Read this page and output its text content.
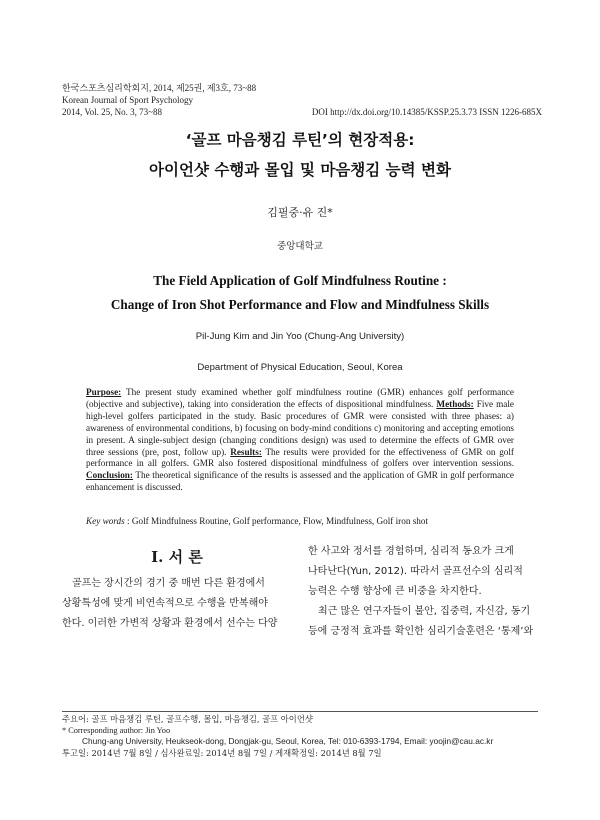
한국스포츠심리학회지, 2014, 제25권, 제3호, 73~88
Korean Journal of Sport Psychology
2014, Vol. 25, No. 3, 73~88	DOI http://dx.doi.org/10.14385/KSSP.25.3.73 ISSN 1226-685X
‘골프 마음챙김 루틴’의 현장적용:
아이언샷 수행과 몰입 및 마음챙김 능력 변화
김필중·유 진*
중앙대학교
The Field Application of Golf Mindfulness Routine :
Change of Iron Shot Performance and Flow and Mindfulness Skills
Pil-Jung Kim and Jin Yoo (Chung-Ang University)
Department of Physical Education, Seoul, Korea
Purpose: The present study examined whether golf mindfulness routine (GMR) enhances golf performance (objective and subjective), taking into consideration the effects of dispositional mindfulness. Methods: Five male high-level golfers participated in the study. Basic procedures of GMR were consisted with three phases: a) awareness of environmental conditions, b) focusing on body-mind conditions c) monitoring and accepting emotions in present. A single-subject design (changing conditions design) was used to determine the effects of GMR over three sessions (pre, post, follow up). Results: The results were provided for the effectiveness of GMR on golf performance in all golfers. GMR also fostered dispositional mindfulness of golfers over intervention sessions. Conclusion: The theoretical significance of the results is assessed and the application of GMR in golf performance enhancement is discussed.
Key words : Golf Mindfulness Routine, Golf performance, Flow, Mindfulness, Golf iron shot
I. 서 론

골프는 장시간의 경기 중 매번 다른 환경에서

상황특성에 맞게 비연속적으로 수행을 반복해야

한다. 이러한 가변적 상황과 환경에서 선수는 다양

한 사고와 정서를 경험하며, 심리적 동요가 크게

나타난다(Yun, 2012). 따라서 골프선수의 심리적

능력은 수행 향상에 큰 비중을 차지한다.

최근 많은 연구자들이 불안, 집중력, 자신감, 동기

등에 긍정적 효과를 확인한 심리기술훈련은 ‘통제’와

주요어: 골프 마음챙김 루틴, 골프수행, 몰입, 마음챙김, 골프 아이언샷
* Corresponding author: Jin Yoo
Chung-ang University, Heukseok-dong, Dongjak-gu, Seoul, Korea, Tel: 010-6393-1794, Email: yoojin@cau.ac.kr
투고일: 2014년 7월 8일 / 심사완료일: 2014년 8월 7일 / 게재확정일: 2014년 8월 7일
